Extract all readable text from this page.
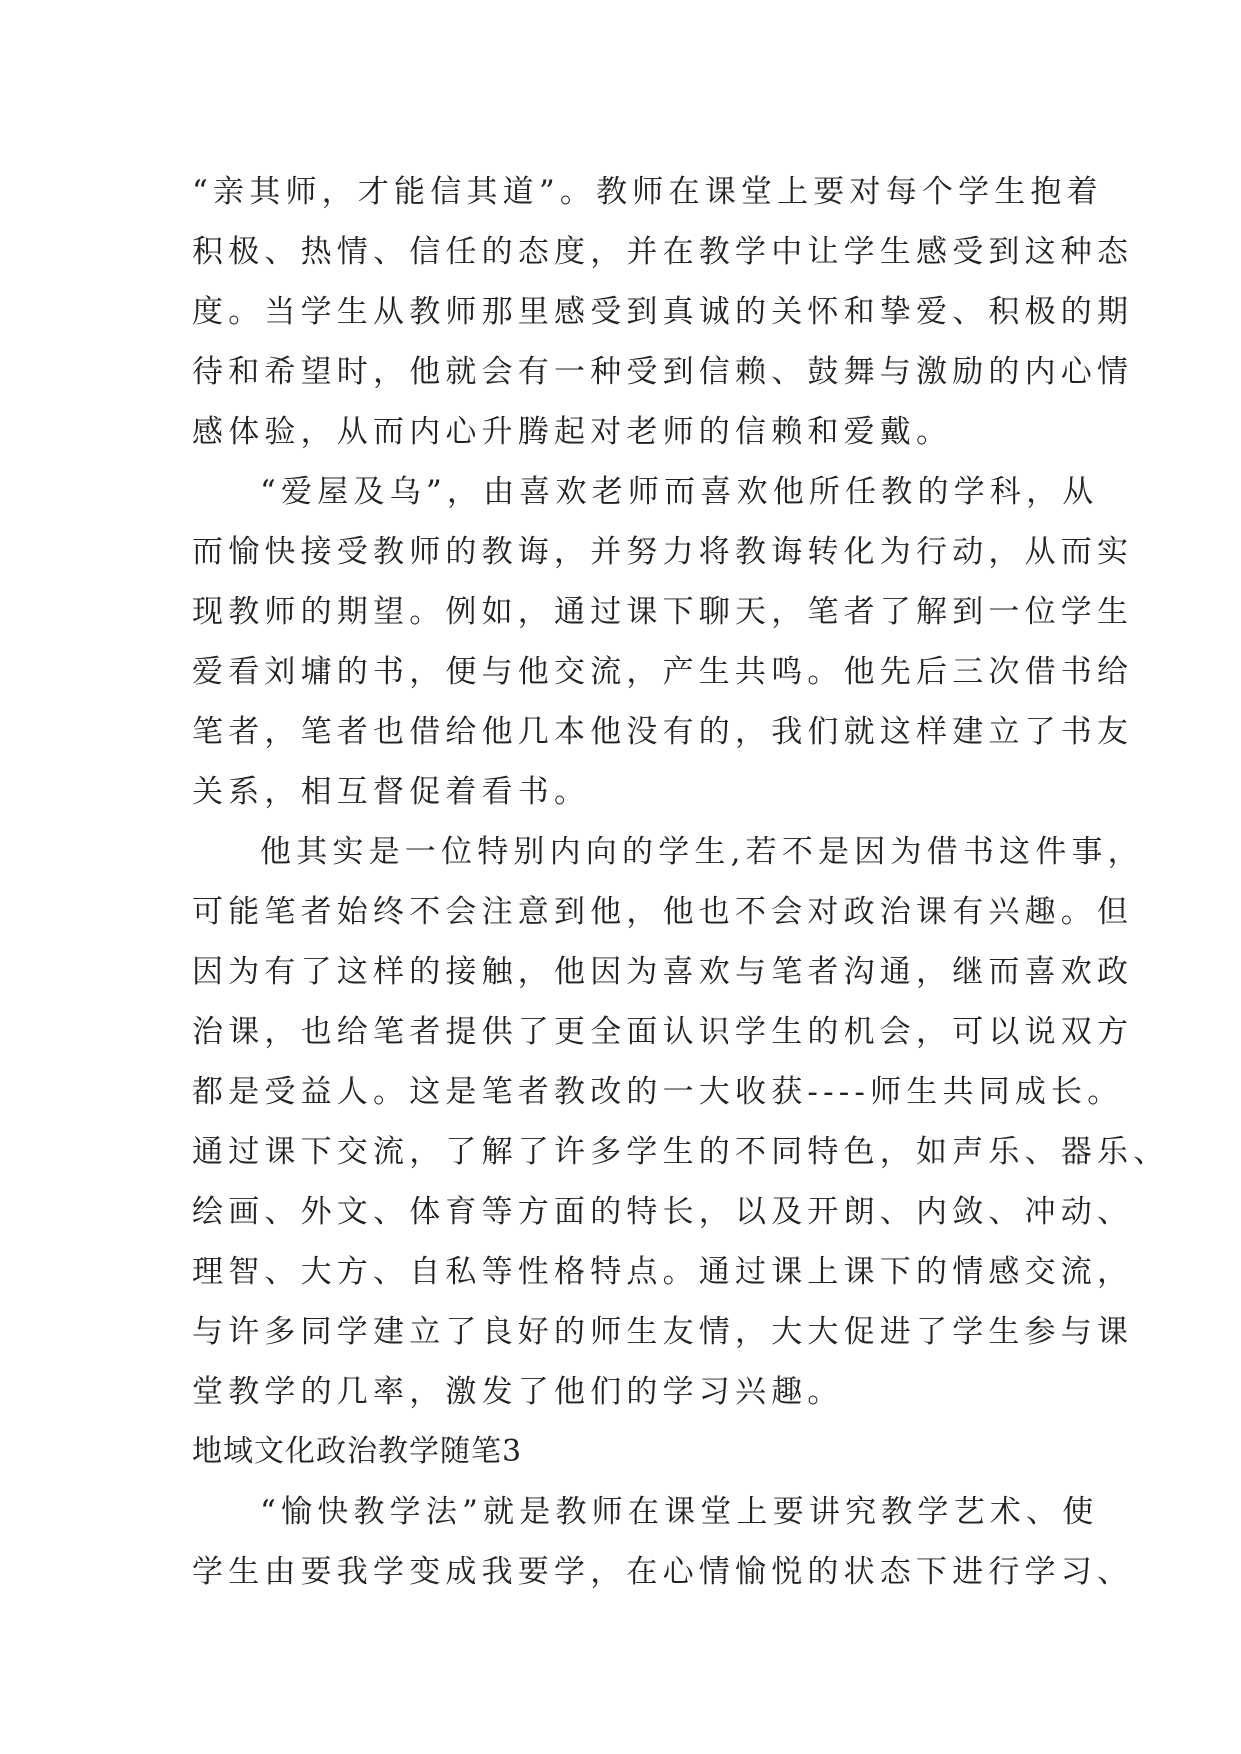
“亲其师，才能信其道”。教师在课堂上要对每个学生抱着
积极、热情、信任的态度，并在教学中让学生感受到这种态
度。当学生从教师那里感受到真诚的关怀和挚爱、积极的期
待和希望时，他就会有一种受到信赖、鼓舞与激励的内心情
感体验，从而内心升腾起对老师的信赖和爱戴。
“爱屋及乌”，由喜欢老师而喜欢他所任教的学科，从
而愉快接受教师的教诲，并努力将教诲转化为行动，从而实
现教师的期望。例如，通过课下聊天，笔者了解到一位学生
爱看刘墉的书，便与他交流，产生共鸣。他先后三次借书给
笔者，笔者也借给他几本他没有的，我们就这样建立了书友
关系，相互督促着看书。
他其实是一位特别内向的学生,若不是因为借书这件事，
可能笔者始终不会注意到他，他也不会对政治课有兴趣。但
因为有了这样的接触，他因为喜欢与笔者沟通，继而喜欢政
治课，也给笔者提供了更全面认识学生的机会，可以说双方
都是受益人。这是笔者教改的一大收获----师生共同成长。
通过课下交流，了解了许多学生的不同特色，如声乐、器乐、
绘画、外文、体育等方面的特长，以及开朗、内敛、冲动、
理智、大方、自私等性格特点。通过课上课下的情感交流，
与许多同学建立了良好的师生友情，大大促进了学生参与课
堂教学的几率，激发了他们的学习兴趣。
地域文化政治教学随笔3
“愉快教学法”就是教师在课堂上要讲究教学艺术、使
学生由要我学变成我要学，在心情愉悦的状态下进行学习、
